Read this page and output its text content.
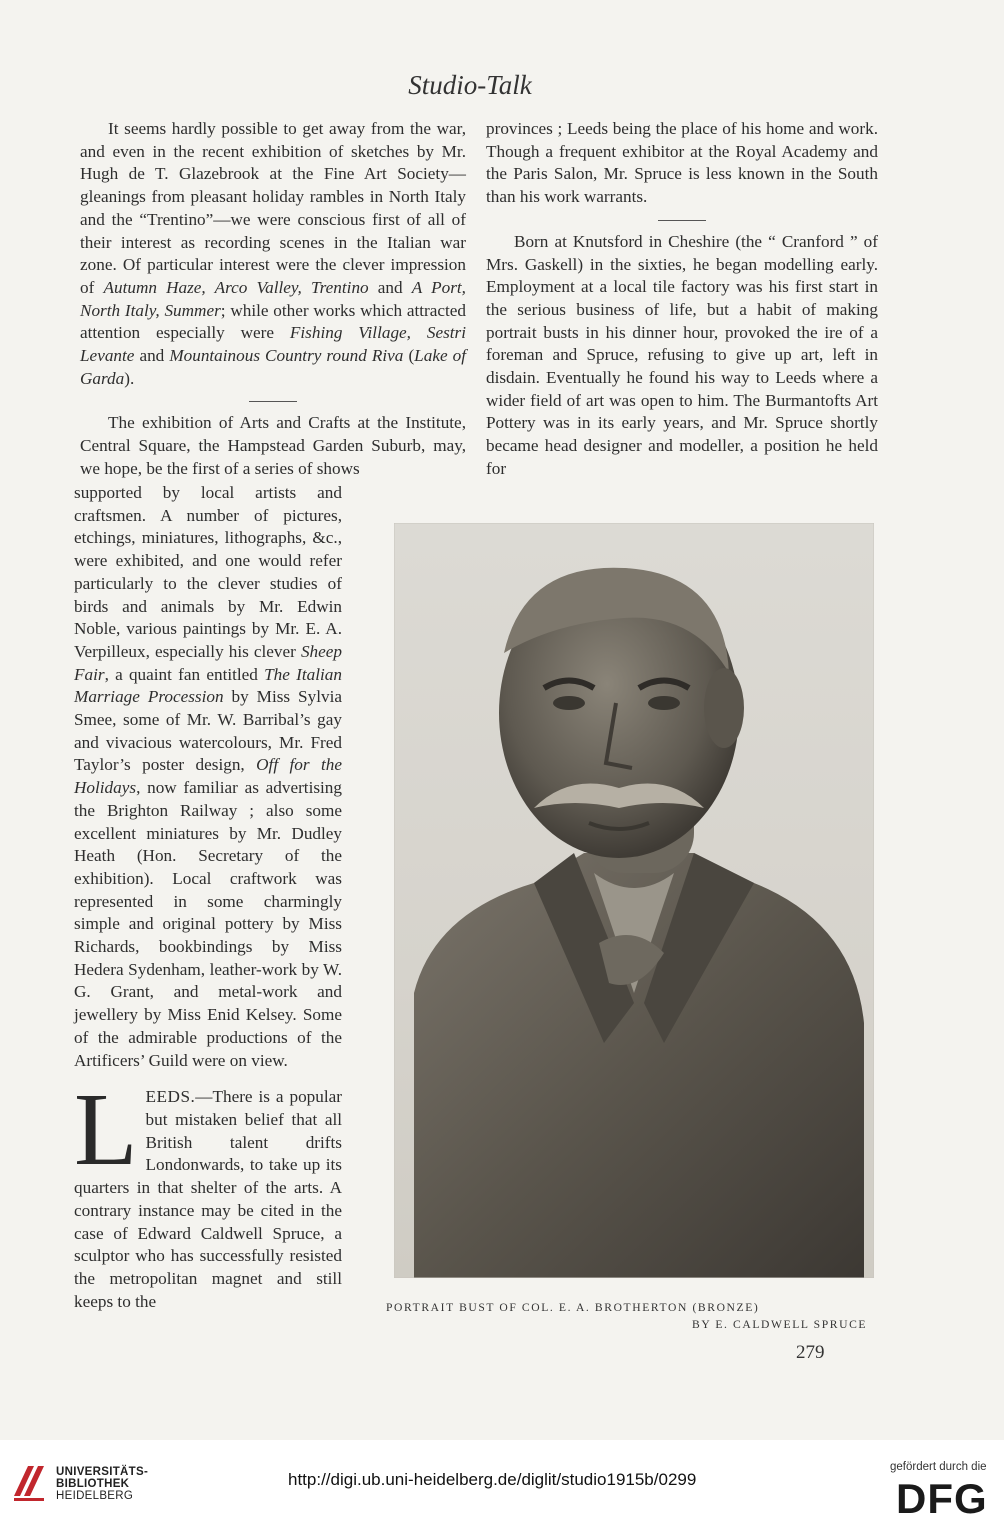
Studio-Talk

It seems hardly possible to get away from the war, and even in the recent exhibition of sketches by Mr. Hugh de T. Glazebrook at the Fine Art Society—gleanings from pleasant holiday rambles in North Italy and the “Trentino”—we were conscious first of all of their interest as recording scenes in the Italian war zone. Of particular interest were the clever impression of Autumn Haze, Arco Valley, Trentino and A Port, North Italy, Summer; while other works which attracted attention especially were Fishing Village, Sestri Levante and Mountainous Country round Riva (Lake of Garda).

The exhibition of Arts and Crafts at the Institute, Central Square, the Hampstead Garden Suburb, may, we hope, be the first of a series of shows

supported by local artists and craftsmen. A number of pictures, etchings, miniatures, lithographs, &c., were exhibited, and one would refer particularly to the clever studies of birds and animals by Mr. Edwin Noble, various paintings by Mr. E. A. Verpilleux, especially his clever Sheep Fair, a quaint fan entitled The Italian Marriage Procession by Miss Sylvia Smee, some of Mr. W. Barribal’s gay and vivacious watercolours, Mr. Fred Taylor’s poster design, Off for the Holidays, now familiar as advertising the Brighton Railway ; also some excellent miniatures by Mr. Dudley Heath (Hon. Secretary of the exhibition). Local craftwork was represented in some charmingly simple and original pottery by Miss Richards, bookbindings by Miss Hedera Sydenham, leather-work by W. G. Grant, and metal-work and jewellery by Miss Enid Kelsey. Some of the admirable productions of the Artificers’ Guild were on view.

LEEDS.—There is a popular but mistaken belief that all British talent drifts Londonwards, to take up its quarters in that shelter of the arts. A contrary instance may be cited in the case of Edward Caldwell Spruce, a sculptor who has successfully resisted the metropolitan magnet and still keeps to the

provinces ; Leeds being the place of his home and work. Though a frequent exhibitor at the Royal Academy and the Paris Salon, Mr. Spruce is less known in the South than his work warrants.

Born at Knutsford in Cheshire (the “ Cranford ” of Mrs. Gaskell) in the sixties, he began modelling early. Employment at a local tile factory was his first start in the serious business of life, but a habit of making portrait busts in his dinner hour, provoked the ire of a foreman and Spruce, refusing to give up art, left in disdain. Eventually he found his way to Leeds where a wider field of art was open to him. The Burmantofts Art Pottery was in its early years, and Mr. Spruce shortly became head designer and modeller, a position he held for

PORTRAIT BUST OF COL. E. A. BROTHERTON (BRONZE)
BY E. CALDWELL SPRUCE
279
UNIVERSITÄTS-
BIBLIOTHEK
HEIDELBERG
http://digi.ub.uni-heidelberg.de/diglit/studio1915b/0299
gefördert durch die
DFG
